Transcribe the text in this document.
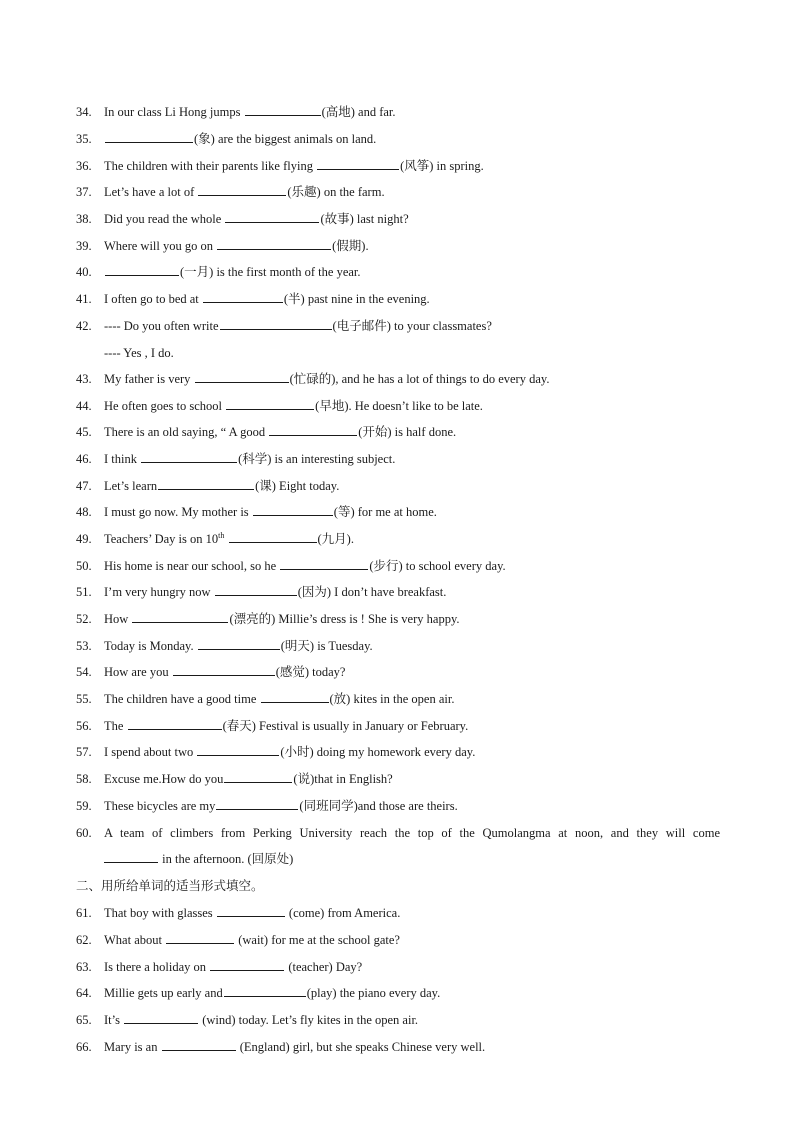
34. In our class Li Hong jumps	(高地) and far.
35.	(象) are the biggest animals on land.
36. The children with their parents like flying	(风筝) in spring.
37. Let’s have a lot of	(乐趣) on the farm.
38. Did you read the whole	(故事) last night?
39. Where will you go on	(假期).
40.	(一月) is the first month of the year.
41. I often go to bed at	(半) past nine in the evening.
42. ---- Do you often write	(电子邮件) to your classmates?
---- Yes , I do.
43. My father is very	(忙碌的), and he has a lot of things to do every day.
44. He often goes to school	(早地). He doesn’t like to be late.
45. There is an old saying, “ A good	(开始) is half done.
46. I think	(科学) is an interesting subject.
47. Let’s learn	(课) Eight today.
48. I must go now. My mother is	(等) for me at home.
49. Teachers’ Day is on 10th	(九月).
50. His home is near our school, so he	(步行) to school every day.
51. I’m very hungry now	(因为) I don’t have breakfast.
52. How	(漂亮的) Millie’s dress is ! She is very happy.
53. Today is Monday.	(明天) is Tuesday.
54. How are you	(感觉) today?
55. The children have a good time	(放) kites in the open air.
56. The	(春天) Festival is usually in January or February.
57. I spend about two	(小时) doing my homework every day.
58. Excuse me.How do you	(说)that in English?
59. These bicycles are my	(同班同学)and those are theirs.
60. A team of climbers from Perking University reach the top of the Qumolangma at noon, and they will come
in the afternoon. (回原处)
二、用所给单词的适当形式填空。
61. That boy with glasses	(come) from America.
62. What about	(wait) for me at the school gate?
63. Is there a holiday on	(teacher) Day?
64. Millie gets up early and	(play) the piano every day.
65. It’s	(wind) today. Let’s fly kites in the open air.
66. Mary is an	(England) girl, but she speaks Chinese very well.
